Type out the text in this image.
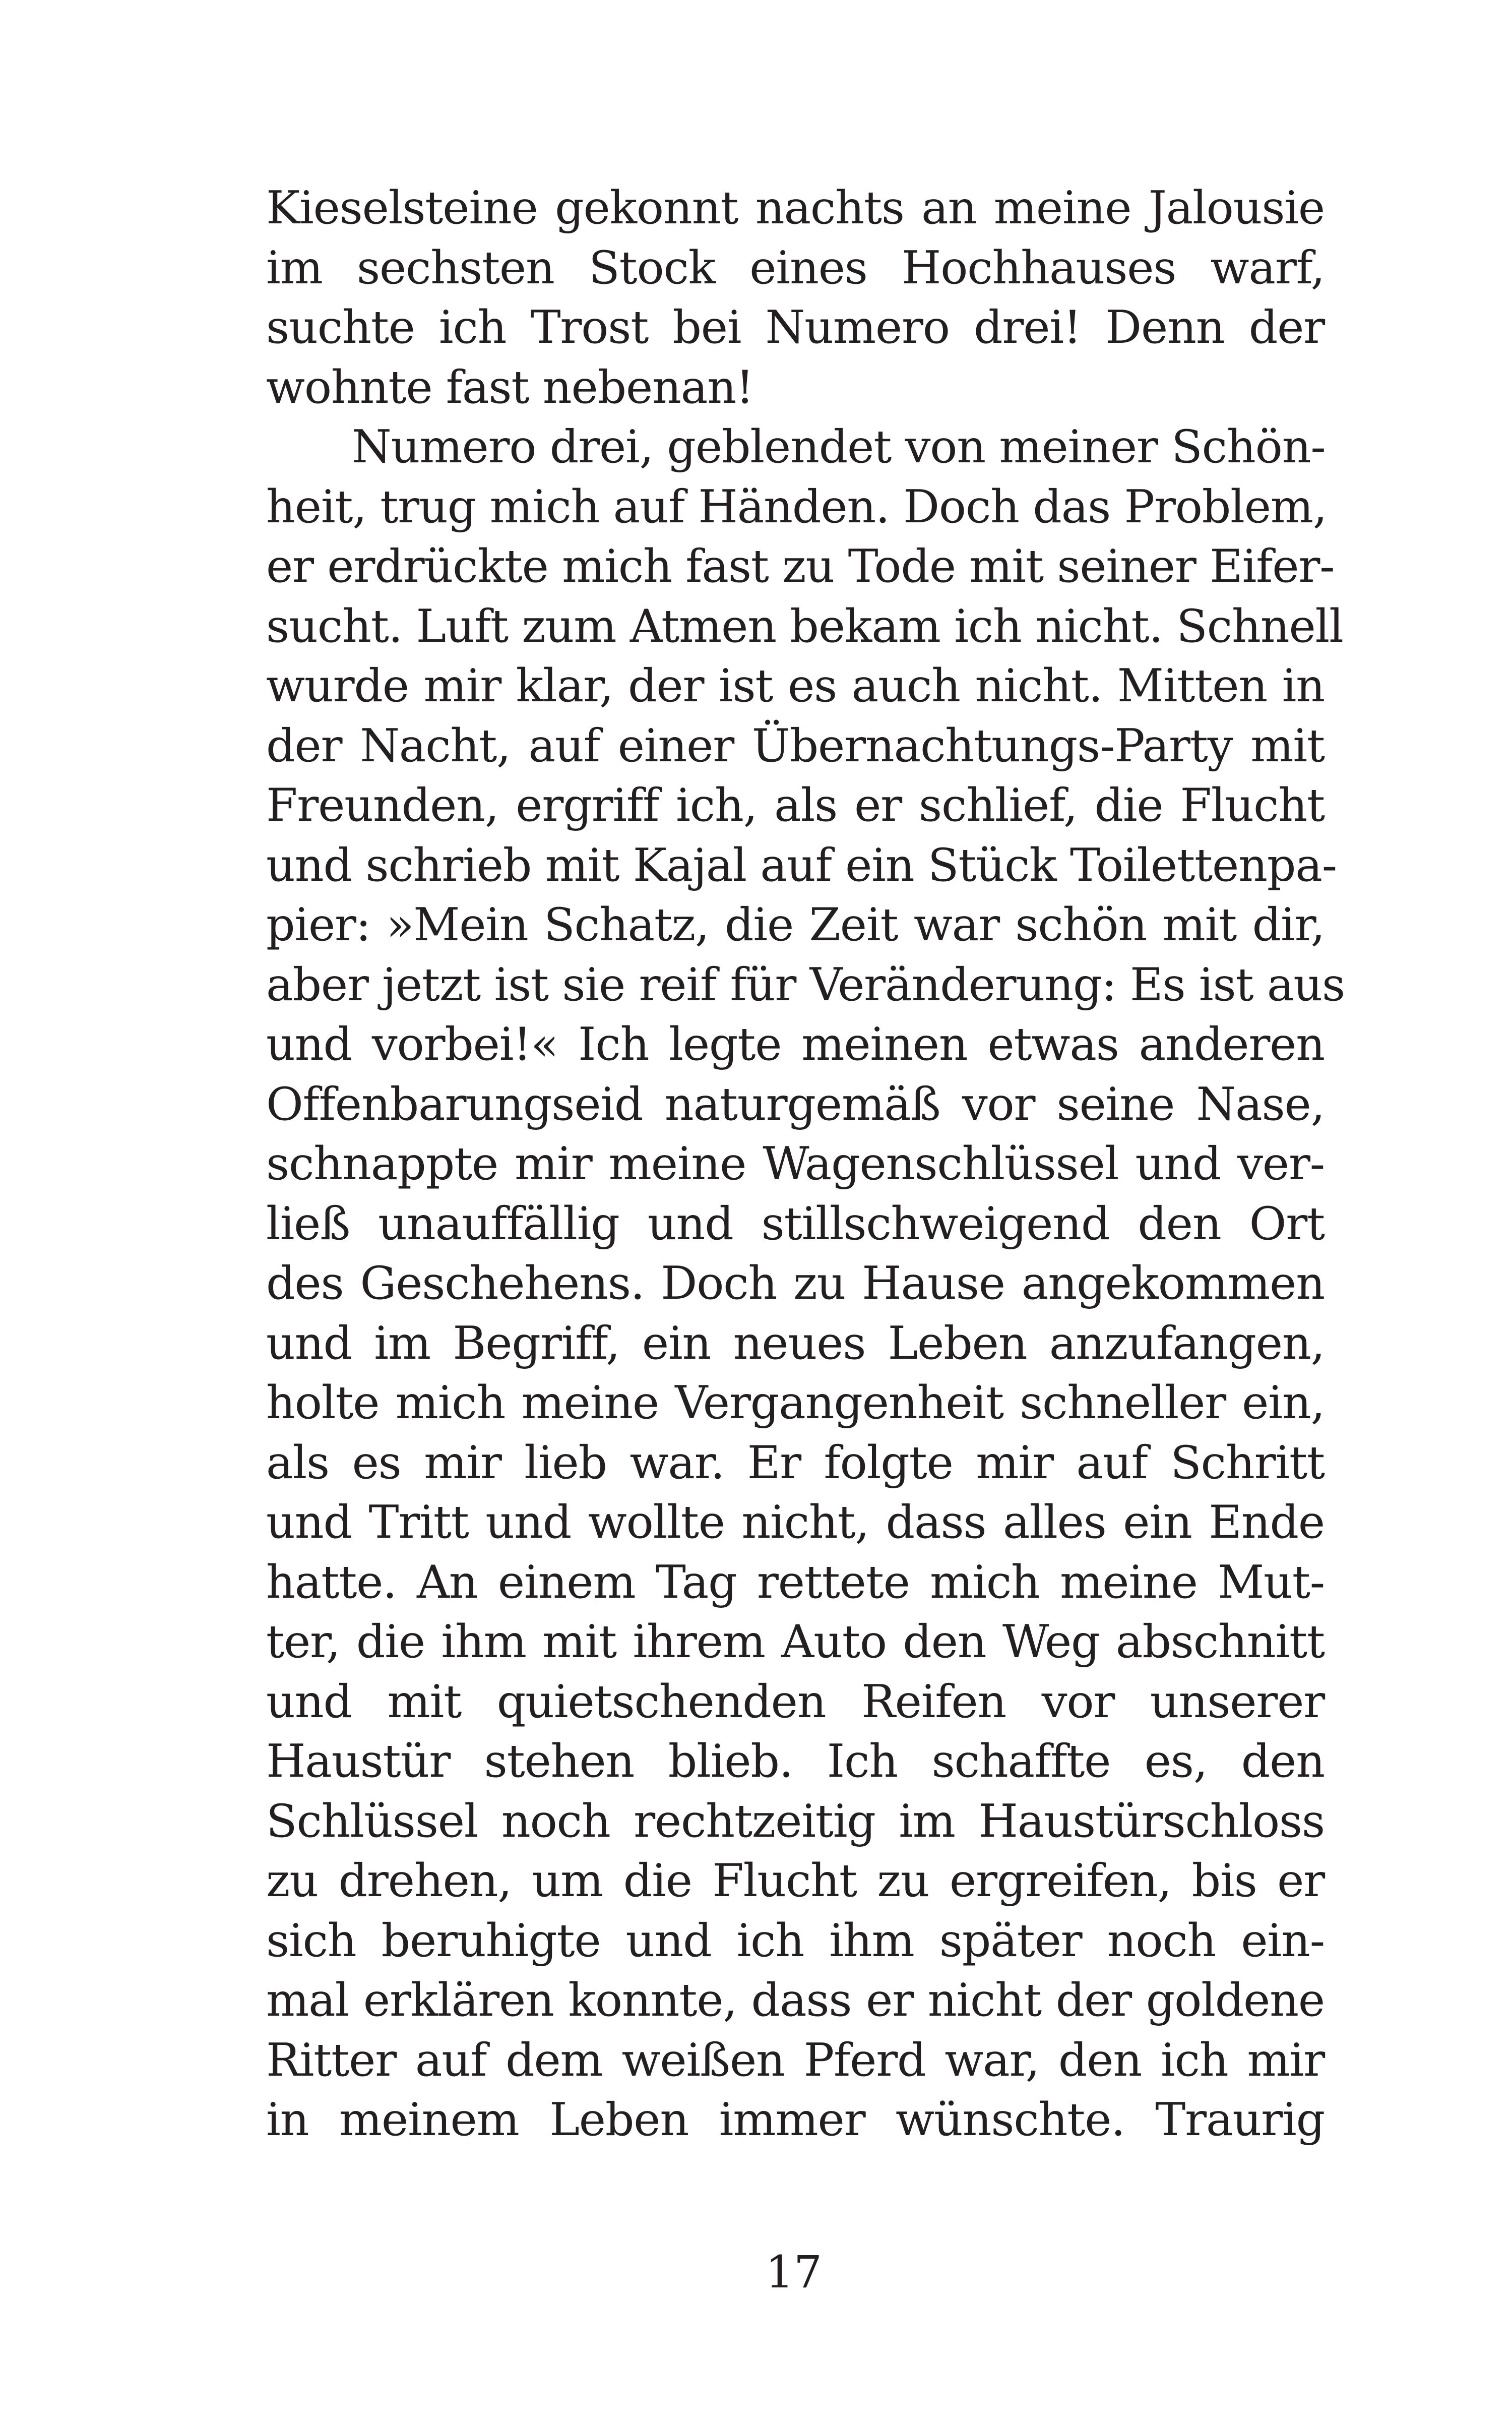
Kieselsteine gekonnt nachts an meine Jalousie

im sechsten Stock eines Hochhauses warf,

suchte ich Trost bei Numero drei! Denn der

wohnte fast nebenan!

Numero drei, geblendet von meiner Schön-

heit, trug mich auf Händen. Doch das Problem,

er erdrückte mich fast zu Tode mit seiner Eifer-

sucht. Luft zum Atmen bekam ich nicht. Schnell

wurde mir klar, der ist es auch nicht. Mitten in

der Nacht, auf einer Übernachtungs-Party mit

Freunden, ergriff ich, als er schlief, die Flucht

und schrieb mit Kajal auf ein Stück Toilettenpa-

pier: »Mein Schatz, die Zeit war schön mit dir,

aber jetzt ist sie reif für Veränderung: Es ist aus

und vorbei!« Ich legte meinen etwas anderen

Offenbarungseid naturgemäß vor seine Nase,

schnappte mir meine Wagenschlüssel und ver-

ließ unauffällig und stillschweigend den Ort

des Geschehens. Doch zu Hause angekommen

und im Begriff, ein neues Leben anzufangen,

holte mich meine Vergangenheit schneller ein,

als es mir lieb war. Er folgte mir auf Schritt

und Tritt und wollte nicht, dass alles ein Ende

hatte. An einem Tag rettete mich meine Mut-

ter, die ihm mit ihrem Auto den Weg abschnitt

und mit quietschenden Reifen vor unserer

Haustür stehen blieb. Ich schaffte es, den

Schlüssel noch rechtzeitig im Haustürschloss

zu drehen, um die Flucht zu ergreifen, bis er

sich beruhigte und ich ihm später noch ein-

mal erklären konnte, dass er nicht der goldene

Ritter auf dem weißen Pferd war, den ich mir

in meinem Leben immer wünschte. Traurig

17
